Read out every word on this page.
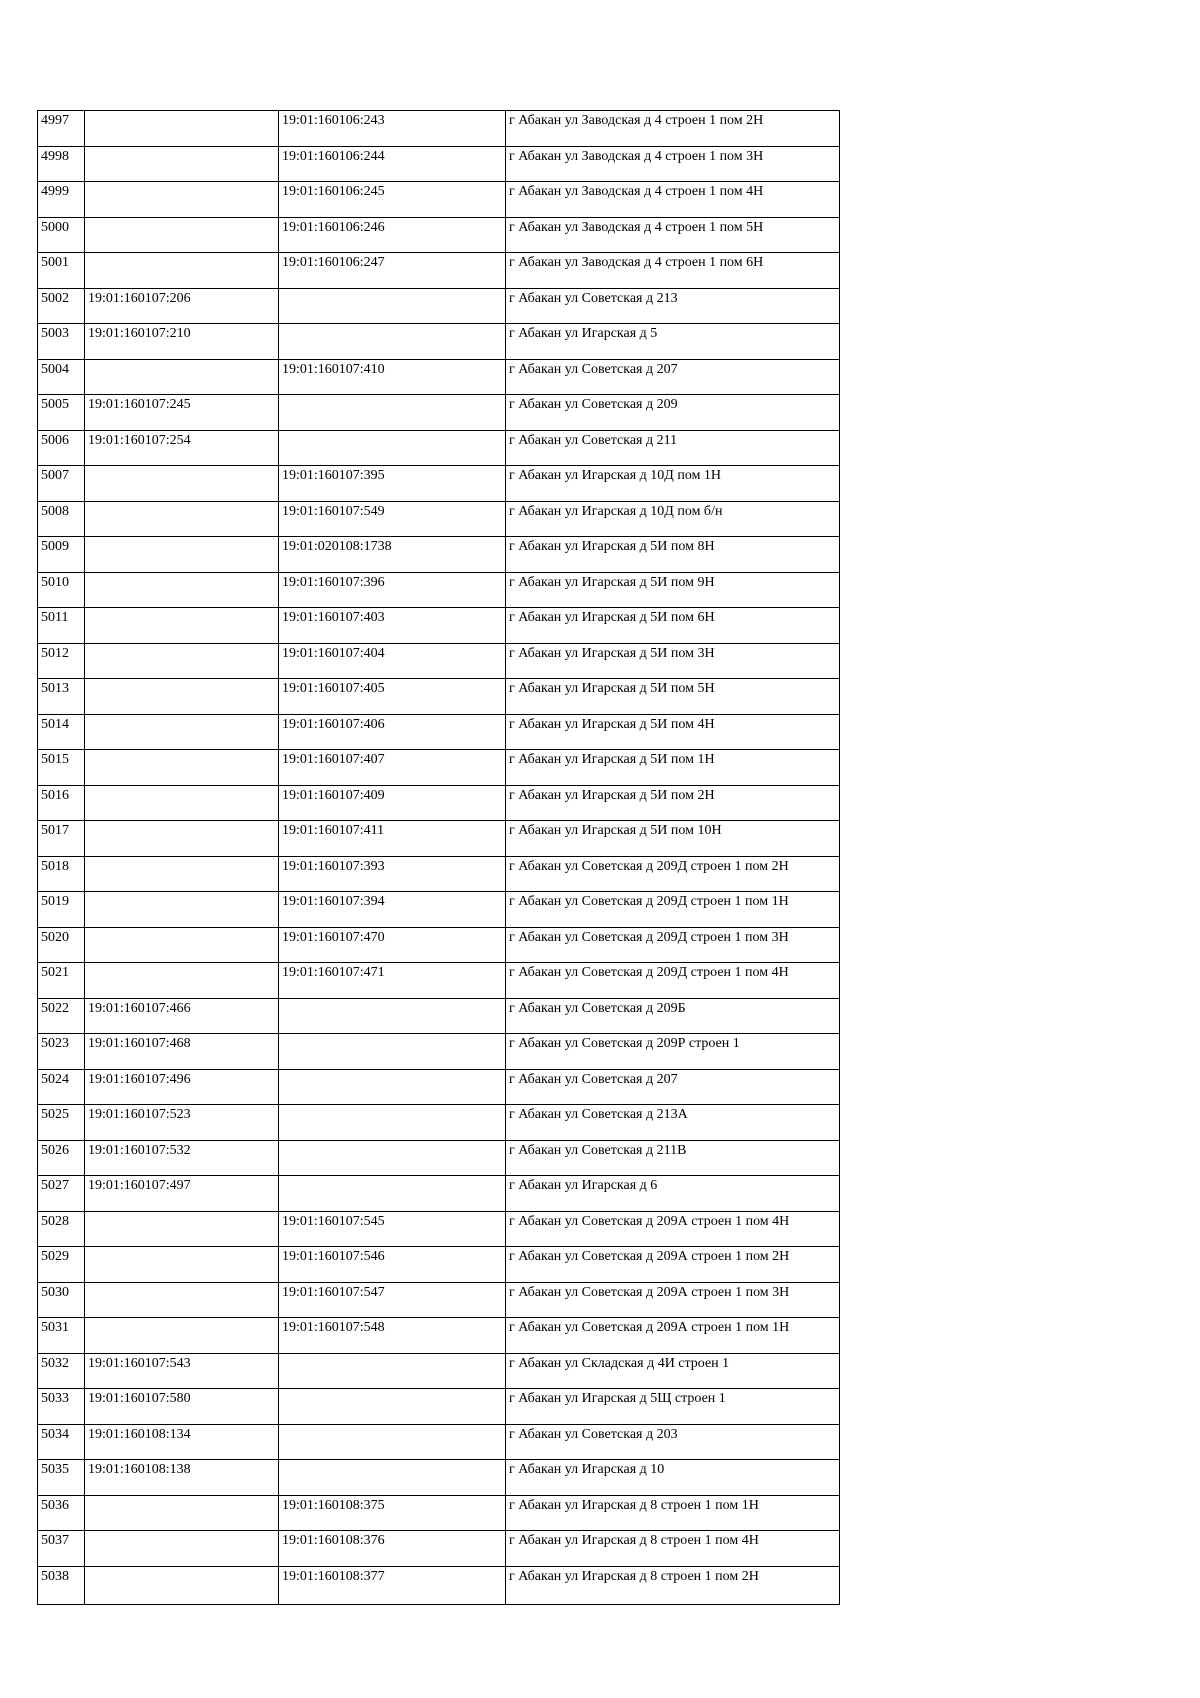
4997		19:01:160106:243	г Абакан ул Заводская д 4 строен 1 пом 2Н
4998		19:01:160106:244	г Абакан ул Заводская д 4 строен 1 пом 3Н
4999		19:01:160106:245	г Абакан ул Заводская д 4 строен 1 пом 4Н
5000		19:01:160106:246	г Абакан ул Заводская д 4 строен 1 пом 5Н
5001		19:01:160106:247	г Абакан ул Заводская д 4 строен 1 пом 6Н
5002	19:01:160107:206		г Абакан ул Советская д 213
5003	19:01:160107:210		г Абакан ул Игарская д 5
5004		19:01:160107:410	г Абакан ул Советская д 207
5005	19:01:160107:245		г Абакан ул Советская д 209
5006	19:01:160107:254		г Абакан ул Советская д 211
5007		19:01:160107:395	г Абакан ул Игарская д 10Д пом 1Н
5008		19:01:160107:549	г Абакан ул Игарская д 10Д пом б/н
5009		19:01:020108:1738	г Абакан ул Игарская д 5И пом 8Н
5010		19:01:160107:396	г Абакан ул Игарская д 5И пом 9Н
5011		19:01:160107:403	г Абакан ул Игарская д 5И пом 6Н
5012		19:01:160107:404	г Абакан ул Игарская д 5И пом 3Н
5013		19:01:160107:405	г Абакан ул Игарская д 5И пом 5Н
5014		19:01:160107:406	г Абакан ул Игарская д 5И пом 4Н
5015		19:01:160107:407	г Абакан ул Игарская д 5И пом 1Н
5016		19:01:160107:409	г Абакан ул Игарская д 5И пом 2Н
5017		19:01:160107:411	г Абакан ул Игарская д 5И пом 10Н
5018		19:01:160107:393	г Абакан ул Советская д 209Д строен 1 пом 2Н
5019		19:01:160107:394	г Абакан ул Советская д 209Д строен 1 пом 1Н
5020		19:01:160107:470	г Абакан ул Советская д 209Д строен 1 пом 3Н
5021		19:01:160107:471	г Абакан ул Советская д 209Д строен 1 пом 4Н
5022	19:01:160107:466		г Абакан ул Советская д 209Б
5023	19:01:160107:468		г Абакан ул Советская д 209Р строен 1
5024	19:01:160107:496		г Абакан ул Советская д 207
5025	19:01:160107:523		г Абакан ул Советская д 213А
5026	19:01:160107:532		г Абакан ул Советская д 211В
5027	19:01:160107:497		г Абакан ул Игарская д 6
5028		19:01:160107:545	г Абакан ул Советская д 209А строен 1 пом 4Н
5029		19:01:160107:546	г Абакан ул Советская д 209А строен 1 пом 2Н
5030		19:01:160107:547	г Абакан ул Советская д 209А строен 1 пом 3Н
5031		19:01:160107:548	г Абакан ул Советская д 209А строен 1 пом 1Н
5032	19:01:160107:543		г Абакан ул Складская д 4И строен 1
5033	19:01:160107:580		г Абакан ул Игарская д 5Щ строен 1
5034	19:01:160108:134		г Абакан ул Советская д 203
5035	19:01:160108:138		г Абакан ул Игарская д 10
5036		19:01:160108:375	г Абакан ул Игарская д 8 строен 1 пом 1Н
5037		19:01:160108:376	г Абакан ул Игарская д 8 строен 1 пом 4Н
5038		19:01:160108:377	г Абакан ул Игарская д 8 строен 1 пом 2Н
